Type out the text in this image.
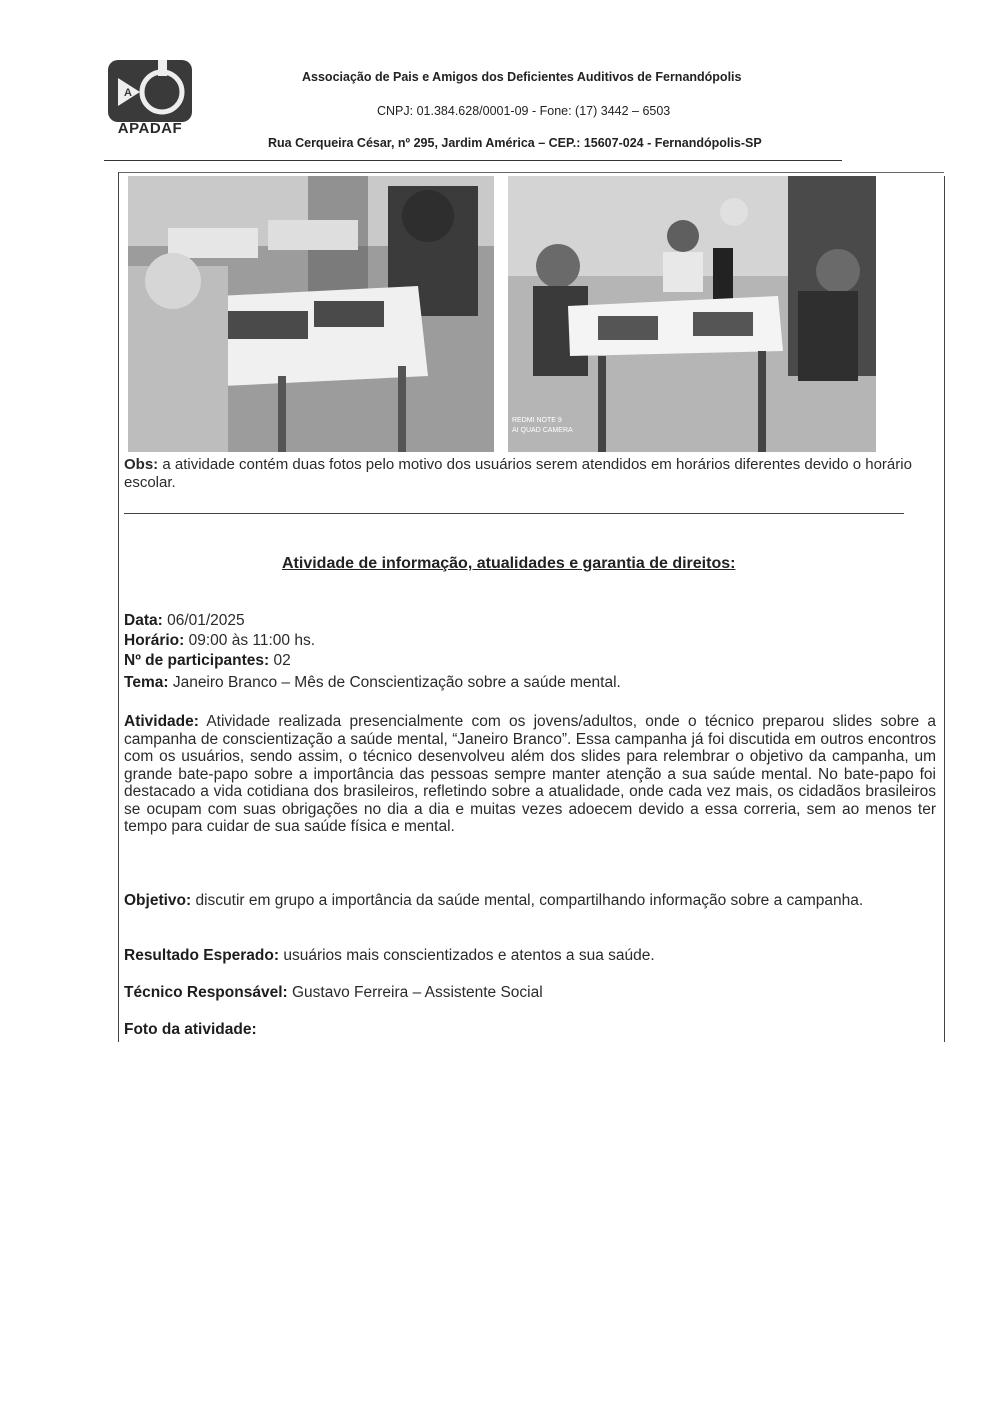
A
APADAF
Associação de Pais e Amigos dos Deficientes Auditivos de Fernandópolis
CNPJ: 01.384.628/0001-09 - Fone: (17) 3442 – 6503
Rua Cerqueira César, nº 295, Jardim América – CEP.: 15607-024 - Fernandópolis-SP
REDMI NOTE 9
AI QUAD CAMERA
Obs: a atividade contém duas fotos pelo motivo dos usuários serem atendidos em horários diferentes devido o horário escolar.
Atividade de informação, atualidades e garantia de direitos:
Data: 06/01/2025
Horário: 09:00 às 11:00 hs.
Nº de participantes: 02
Tema: Janeiro Branco – Mês de Conscientização sobre a saúde mental.
Atividade: Atividade realizada presencialmente com os jovens/adultos, onde o técnico preparou slides sobre a campanha de conscientização a saúde mental, “Janeiro Branco”. Essa campanha já foi discutida em outros encontros com os usuários, sendo assim, o técnico desenvolveu além dos slides para relembrar o objetivo da campanha, um grande bate-papo sobre a importância das pessoas sempre manter atenção a sua saúde mental. No bate-papo foi destacado a vida cotidiana dos brasileiros, refletindo sobre a atualidade, onde cada vez mais, os cidadãos brasileiros se ocupam com suas obrigações no dia a dia e muitas vezes adoecem devido a essa correria, sem ao menos ter tempo para cuidar de sua saúde física e mental.
Objetivo: discutir em grupo a importância da saúde mental, compartilhando informação sobre a campanha.
Resultado Esperado: usuários mais conscientizados e atentos a sua saúde.
Técnico Responsável: Gustavo Ferreira – Assistente Social
Foto da atividade:
